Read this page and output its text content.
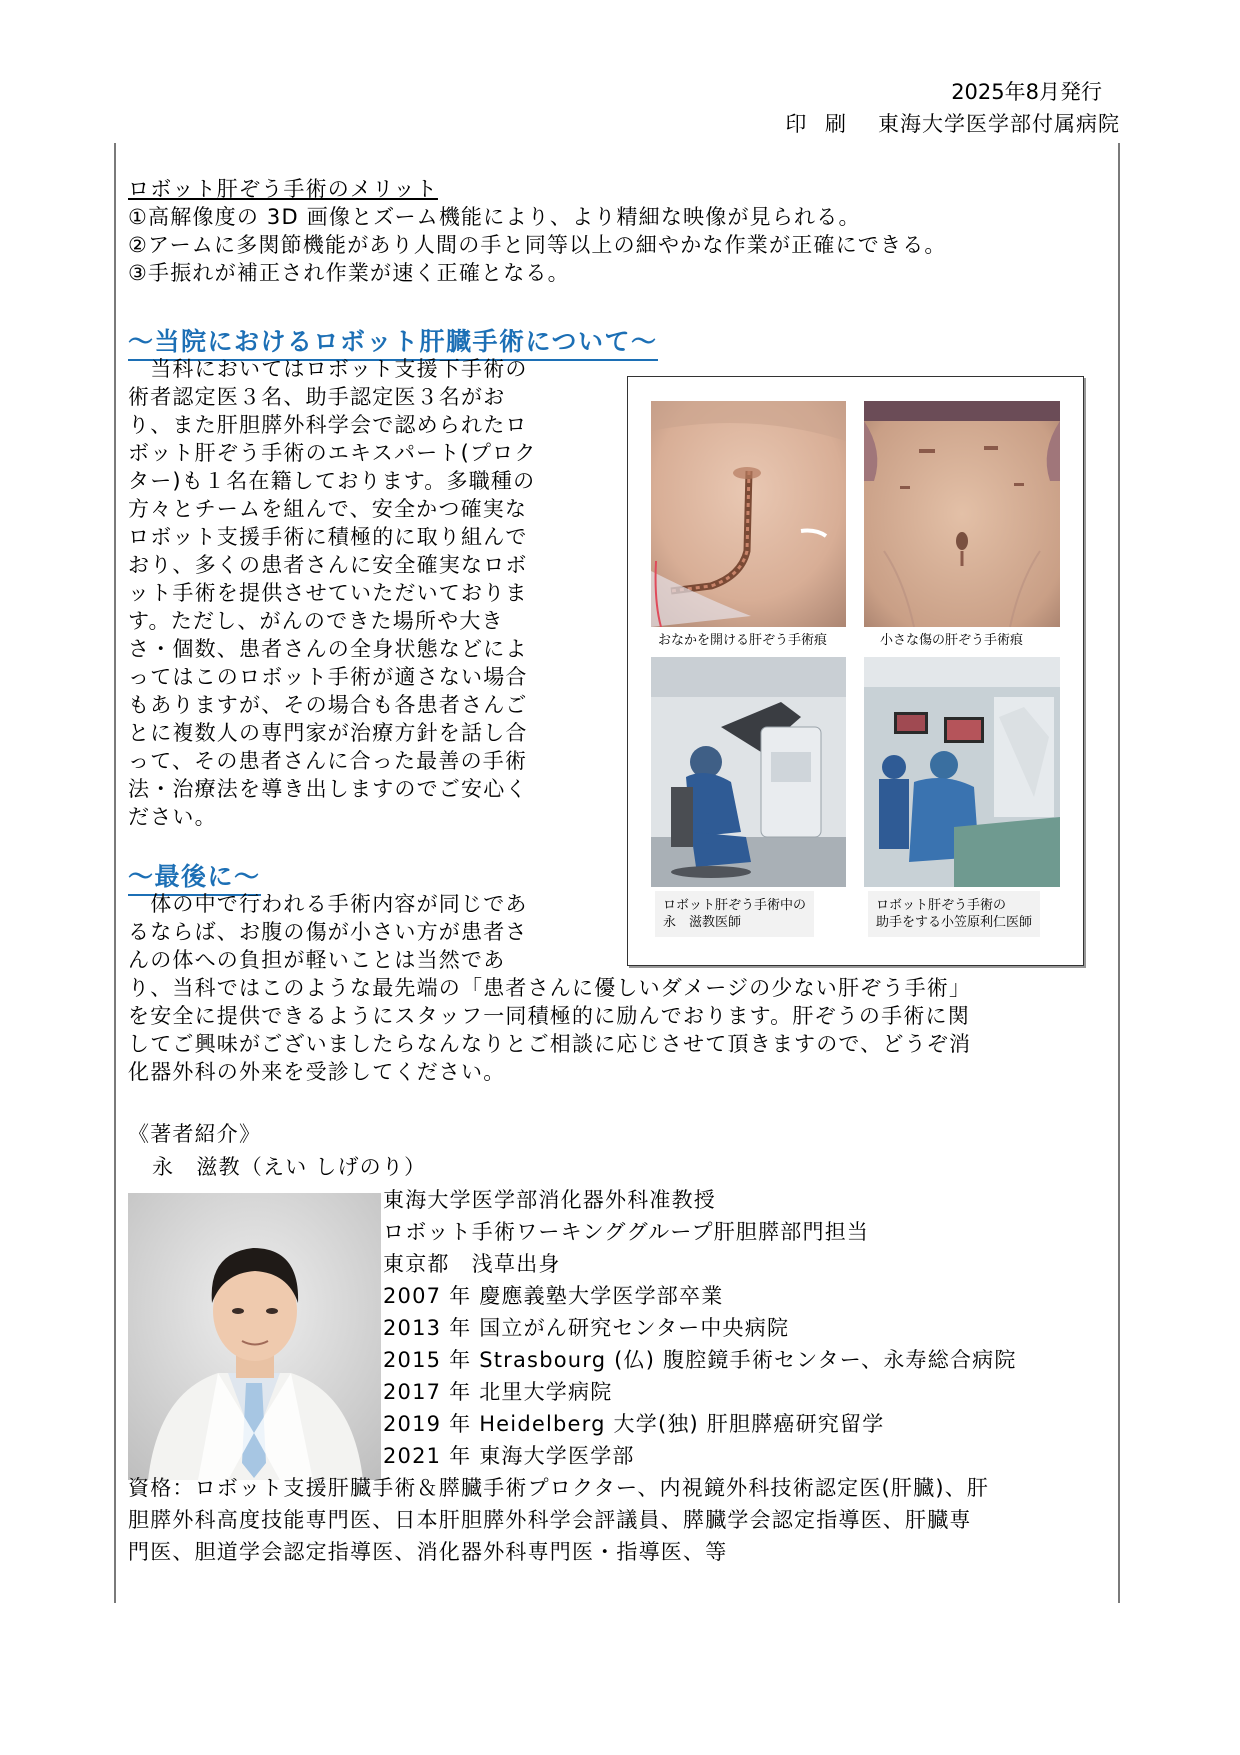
2025年8月発行
印 刷 東海大学医学部付属病院
ロボット肝ぞう手術のメリット
①高解像度の 3D 画像とズーム機能により、より精細な映像が見られる。
②アームに多関節機能があり人間の手と同等以上の細やかな作業が正確にできる。
③手振れが補正され作業が速く正確となる。
～当院におけるロボット肝臓手術について～
　当科においてはロボット支援下手術の
術者認定医３名、助手認定医３名がお
り、また肝胆膵外科学会で認められたロ
ボット肝ぞう手術のエキスパート(プロク
ター)も１名在籍しております。多職種の
方々とチームを組んで、安全かつ確実な
ロボット支援手術に積極的に取り組んで
おり、多くの患者さんに安全確実なロボ
ット手術を提供させていただいておりま
す。ただし、がんのできた場所や大き
さ・個数、患者さんの全身状態などによ
ってはこのロボット手術が適さない場合
もありますが、その場合も各患者さんご
とに複数人の専門家が治療方針を話し合
って、その患者さんに合った最善の手術
法・治療法を導き出しますのでご安心く
ださい。
おなかを開ける肝ぞう手術痕	小さな傷の肝ぞう手術痕
ロボット肝ぞう手術中の
永　滋教医師
ロボット肝ぞう手術の
助手をする小笠原利仁医師
～最後に～
　体の中で行われる手術内容が同じであ
るならば、お腹の傷が小さい方が患者さ
んの体への負担が軽いことは当然であ
り、当科ではこのような最先端の「患者さんに優しいダメージの少ない肝ぞう手術」
を安全に提供できるようにスタッフ一同積極的に励んでおります。肝ぞうの手術に関
してご興味がございましたらなんなりとご相談に応じさせて頂きますので、どうぞ消
化器外科の外来を受診してください。
《著者紹介》
永　滋教（えい しげのり）
東海大学医学部消化器外科准教授
ロボット手術ワーキンググループ肝胆膵部門担当
東京都　浅草出身
2007 年 慶應義塾大学医学部卒業
2013 年 国立がん研究センター中央病院
2015 年 Strasbourg (仏) 腹腔鏡手術センター、永寿総合病院
2017 年 北里大学病院
2019 年 Heidelberg 大学(独) 肝胆膵癌研究留学
2021 年 東海大学医学部
資格：ロボット支援肝臓手術＆膵臓手術プロクター、内視鏡外科技術認定医(肝臓)、肝
胆膵外科高度技能専門医、日本肝胆膵外科学会評議員、膵臓学会認定指導医、肝臓専
門医、胆道学会認定指導医、消化器外科専門医・指導医、等
